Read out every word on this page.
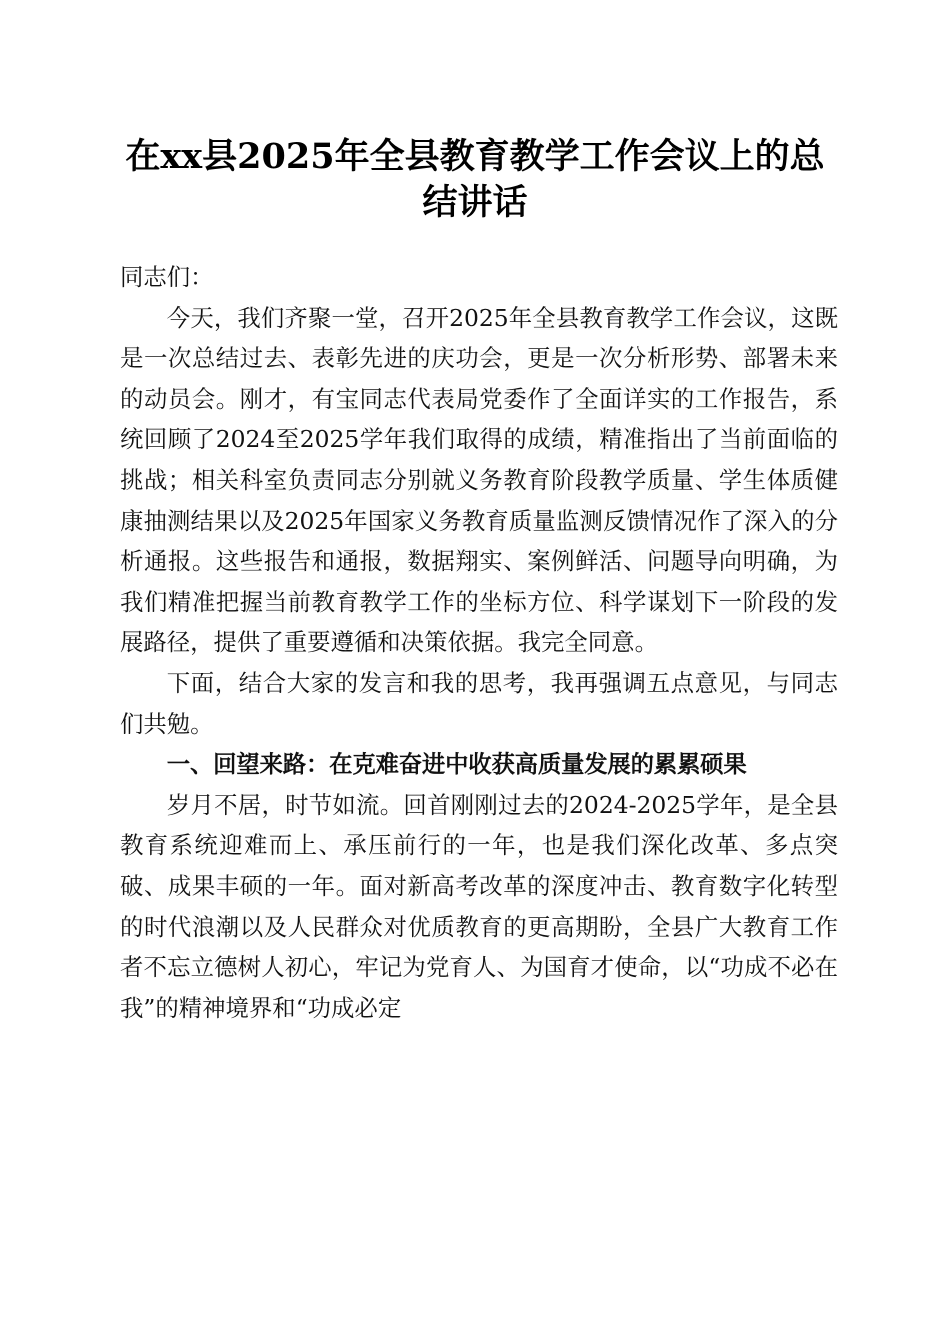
在xx县2025年全县教育教学工作会议上的总结讲话

同志们：

今天，我们齐聚一堂，召开2025年全县教育教学工作会议，这既是一次总结过去、表彰先进的庆功会，更是一次分析形势、部署未来的动员会。刚才，有宝同志代表局党委作了全面详实的工作报告，系统回顾了2024至2025学年我们取得的成绩，精准指出了当前面临的挑战；相关科室负责同志分别就义务教育阶段教学质量、学生体质健康抽测结果以及2025年国家义务教育质量监测反馈情况作了深入的分析通报。这些报告和通报，数据翔实、案例鲜活、问题导向明确，为我们精准把握当前教育教学工作的坐标方位、科学谋划下一阶段的发展路径，提供了重要遵循和决策依据。我完全同意。

下面，结合大家的发言和我的思考，我再强调五点意见，与同志们共勉。

一、回望来路：在克难奋进中收获高质量发展的累累硕果

岁月不居，时节如流。回首刚刚过去的2024-2025学年，是全县教育系统迎难而上、承压前行的一年，也是我们深化改革、多点突破、成果丰硕的一年。面对新高考改革的深度冲击、教育数字化转型的时代浪潮以及人民群众对优质教育的更高期盼，全县广大教育工作者不忘立德树人初心，牢记为党育人、为国育才使命，以“功成不必在我”的精神境界和“功成必定
